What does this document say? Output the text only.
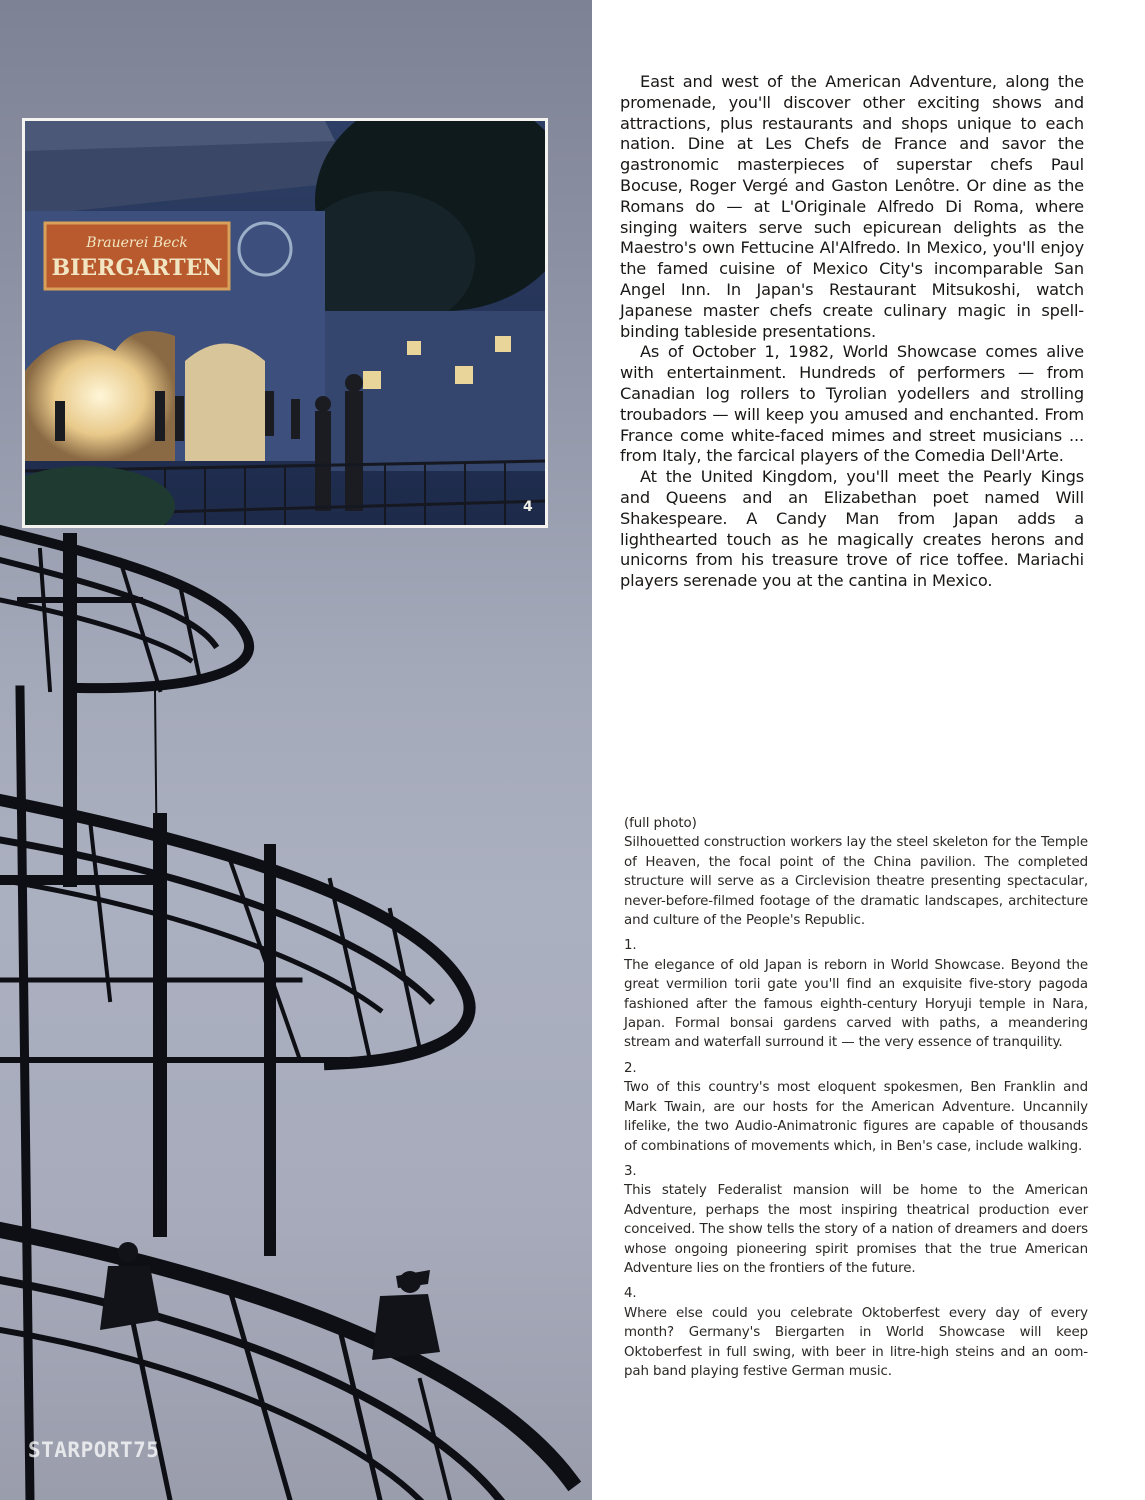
STARPORT75
Brauerei Beck
BIERGARTEN
4

East and west of the American Adventure, along the promenade, you'll discover other exciting shows and attractions, plus restaurants and shops unique to each nation. Dine at Les Chefs de France and savor the gastronomic masterpieces of superstar chefs Paul Bocuse, Roger Vergé and Gaston Lenôtre. Or dine as the Romans do — at L'Originale Alfredo Di Roma, where singing waiters serve such epicurean delights as the Maestro's own Fettucine Al'Alfredo. In Mexico, you'll enjoy the famed cuisine of Mexico City's incomparable San Angel Inn. In Japan's Restaurant Mitsukoshi, watch Japanese master chefs create culinary magic in spell-binding tableside presentations.

As of October 1, 1982, World Showcase comes alive with entertainment. Hundreds of performers — from Canadian log rollers to Tyrolian yodellers and strolling troubadors — will keep you amused and enchanted. From France come white-faced mimes and street musicians ... from Italy, the farcical players of the Comedia Dell'Arte.

At the United Kingdom, you'll meet the Pearly Kings and Queens and an Elizabethan poet named Will Shakespeare. A Candy Man from Japan adds a lighthearted touch as he magically creates herons and unicorns from his treasure trove of rice toffee. Mariachi players serenade you at the cantina in Mexico.

(full photo)
Silhouetted construction workers lay the steel skeleton for the Temple of Heaven, the focal point of the China pavilion. The completed structure will serve as a Circlevision theatre presenting spectacular, never-before-filmed footage of the dramatic landscapes, architecture and culture of the People's Republic.
1.
The elegance of old Japan is reborn in World Showcase. Beyond the great vermilion torii gate you'll find an exquisite five-story pagoda fashioned after the famous eighth-century Horyuji temple in Nara, Japan. Formal bonsai gardens carved with paths, a meandering stream and waterfall surround it — the very essence of tranquility.
2.
Two of this country's most eloquent spokesmen, Ben Franklin and Mark Twain, are our hosts for the American Adventure. Uncannily lifelike, the two Audio-Animatronic figures are capable of thousands of combinations of movements which, in Ben's case, include walking.
3.
This stately Federalist mansion will be home to the American Adventure, perhaps the most inspiring theatrical production ever conceived. The show tells the story of a nation of dreamers and doers whose ongoing pioneering spirit promises that the true American Adventure lies on the frontiers of the future.
4.
Where else could you celebrate Oktoberfest every day of every month? Germany's Biergarten in World Showcase will keep Oktoberfest in full swing, with beer in litre-high steins and an oom-pah band playing festive German music.
